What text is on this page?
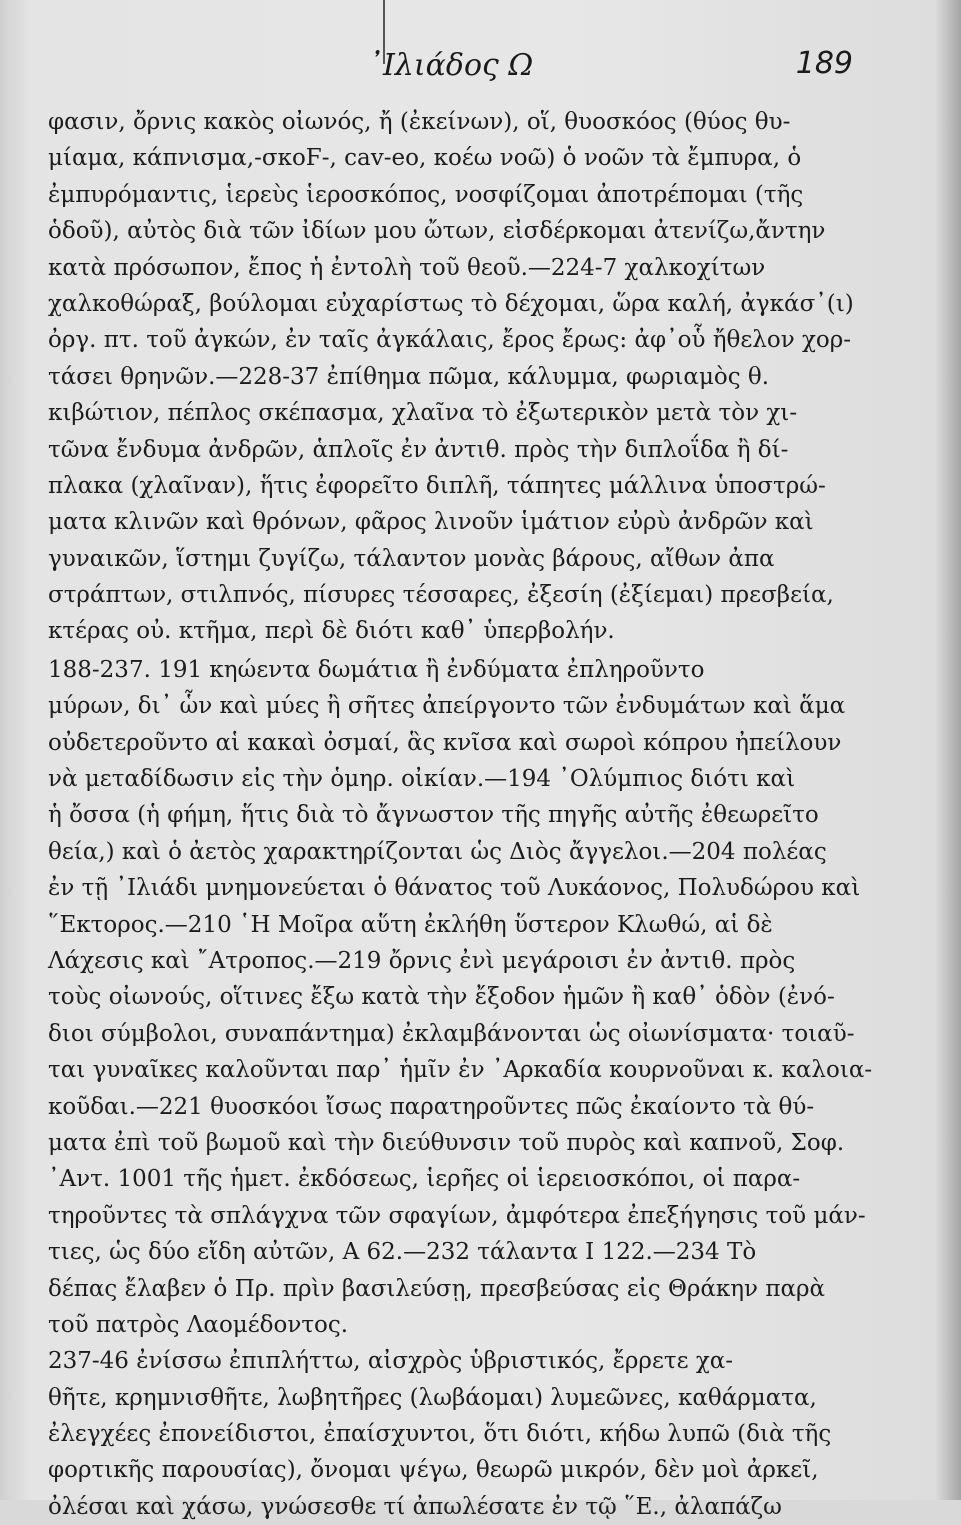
᾽Ιλιάδος Ω	189
φασιν, ὄρνις κακὸς οἰωνός, ἤ (ἐκείνων), οἵ, θυοσκόος (θύος θυ-
μίαμα, κάπνισμα,-σκοϜ-, cav-eo, κοέω νοῶ) ὁ νοῶν τὰ ἔμπυρα, ὁ
ἐμπυρόμαντις, ἱερεὺς ἱεροσκόπος, νοσφίζομαι ἀποτρέπομαι (τῆς
ὁδοῦ), αὐτὸς διὰ τῶν ἰδίων μου ὤτων, εἰσδέρκομαι ἀτενίζω,ἄντην
κατὰ πρόσωπον, ἔπος ἡ ἐντολὴ τοῦ θεοῦ.—224-7 χαλκοχίτων
χαλκοθώραξ, βούλομαι εὐχαρίστως τὸ δέχομαι, ὥρα καλή, ἀγκάσ᾽(ι)
ὀργ. πτ. τοῦ ἀγκών, ἐν ταῖς ἀγκάλαις, ἔρος ἔρως: ἀφ᾽οὗ ἤθελον χορ-
τάσει θρηνῶν.—228-37 ἐπίθημα πῶμα, κάλυμμα, φωριαμὸς θ.
κιβώτιον, πέπλος σκέπασμα, χλαῖνα τὸ ἐξωτερικὸν μετὰ τὸν χι-
τῶνα ἔνδυμα ἀνδρῶν, ἁπλοῖς ἐν ἀντιθ. πρὸς τὴν διπλοΐδα ἢ δί-
πλακα (χλαῖναν), ἥτις ἐφορεῖτο διπλῆ, τάπητες μάλλινα ὑποστρώ-
ματα κλινῶν καὶ θρόνων, φᾶρος λινοῦν ἱμάτιον εὐρὺ ἀνδρῶν καὶ
γυναικῶν, ἵστημι ζυγίζω, τάλαντον μονὰς βάρους, αἴθων ἀπα
στράπτων, στιλπνός, πίσυρες τέσσαρες, ἐξεσίη (ἐξίεμαι) πρεσβεία,
κτέρας οὐ. κτῆμα, περὶ δὲ διότι καθ᾽ ὑπερβολήν.
188-237. 191 κηώεντα δωμάτια ἢ ἐνδύματα ἐπληροῦντο
μύρων, δι᾽ ὧν καὶ μύες ἢ σῆτες ἀπείργοντο τῶν ἐνδυμάτων καὶ ἅμα
οὐδετεροῦντο αἱ κακαὶ ὀσμαί, ἃς κνῖσα καὶ σωροὶ κόπρου ἠπείλουν
νὰ μεταδίδωσιν εἰς τὴν ὁμηρ. οἰκίαν.—194 ᾽Ολύμπιος διότι καὶ
ἡ ὄσσα (ἡ φήμη, ἥτις διὰ τὸ ἄγνωστον τῆς πηγῆς αὐτῆς ἐθεωρεῖτο
θεία,) καὶ ὁ ἀετὸς χαρακτηρίζονται ὡς Διὸς ἄγγελοι.—204 πολέας
ἐν τῇ ᾽Ιλιάδι μνημονεύεται ὁ θάνατος τοῦ Λυκάονος, Πολυδώρου καὶ
῞Εκτορος.—210 ῾Η Μοῖρα αὕτη ἐκλήθη ὕστερον Κλωθώ, αἱ δὲ
Λάχεσις καὶ ῎Ατροπος.—219 ὄρνις ἐνὶ μεγάροισι ἐν ἀντιθ. πρὸς
τοὺς οἰωνούς, οἵτινες ἔξω κατὰ τὴν ἔξοδον ἡμῶν ἢ καθ᾽ ὁδὸν (ἐνό-
διοι σύμβολοι, συναπάντημα) ἐκλαμβάνονται ὡς οἰωνίσματα· τοιαῦ-
ται γυναῖκες καλοῦνται παρ᾽ ἡμῖν ἐν ᾽Αρκαδία κουρνοῦναι κ. καλοια-
κοῦδαι.—221 θυοσκόοι ἴσως παρατηροῦντες πῶς ἐκαίοντο τὰ θύ-
ματα ἐπὶ τοῦ βωμοῦ καὶ τὴν διεύθυνσιν τοῦ πυρὸς καὶ καπνοῦ, Σοφ.
᾽Αντ. 1001 τῆς ἡμετ. ἐκδόσεως, ἱερῆες οἱ ἱερειοσκόποι, οἱ παρα-
τηροῦντες τὰ σπλάγχνα τῶν σφαγίων, ἀμφότερα ἐπεξήγησις τοῦ μάν-
τιες, ὡς δύο εἴδη αὐτῶν, Α 62.—232 τάλαντα Ι 122.—234 Τὸ
δέπας ἔλαβεν ὁ Πρ. πρὶν βασιλεύσῃ, πρεσβεύσας εἰς Θράκην παρὰ
τοῦ πατρὸς Λαομέδοντος.
237-46 ἐνίσσω ἐπιπλήττω, αἰσχρὸς ὑβριστικός, ἔρρετε χα-
θῆτε, κρημνισθῆτε, λωβητῆρες (λωβάομαι) λυμεῶνες, καθάρματα,
ἐλεγχέες ἐπονείδιστοι, ἐπαίσχυντοι, ὅτι διότι, κήδω λυπῶ (διὰ τῆς
φορτικῆς παρουσίας), ὄνομαι ψέγω, θεωρῶ μικρόν, δὲν μοὶ ἀρκεῖ,
ὀλέσαι καὶ χάσω, γνώσεσθε τί ἀπωλέσατε ἐν τῷ ῞Ε., ἀλαπάζω
